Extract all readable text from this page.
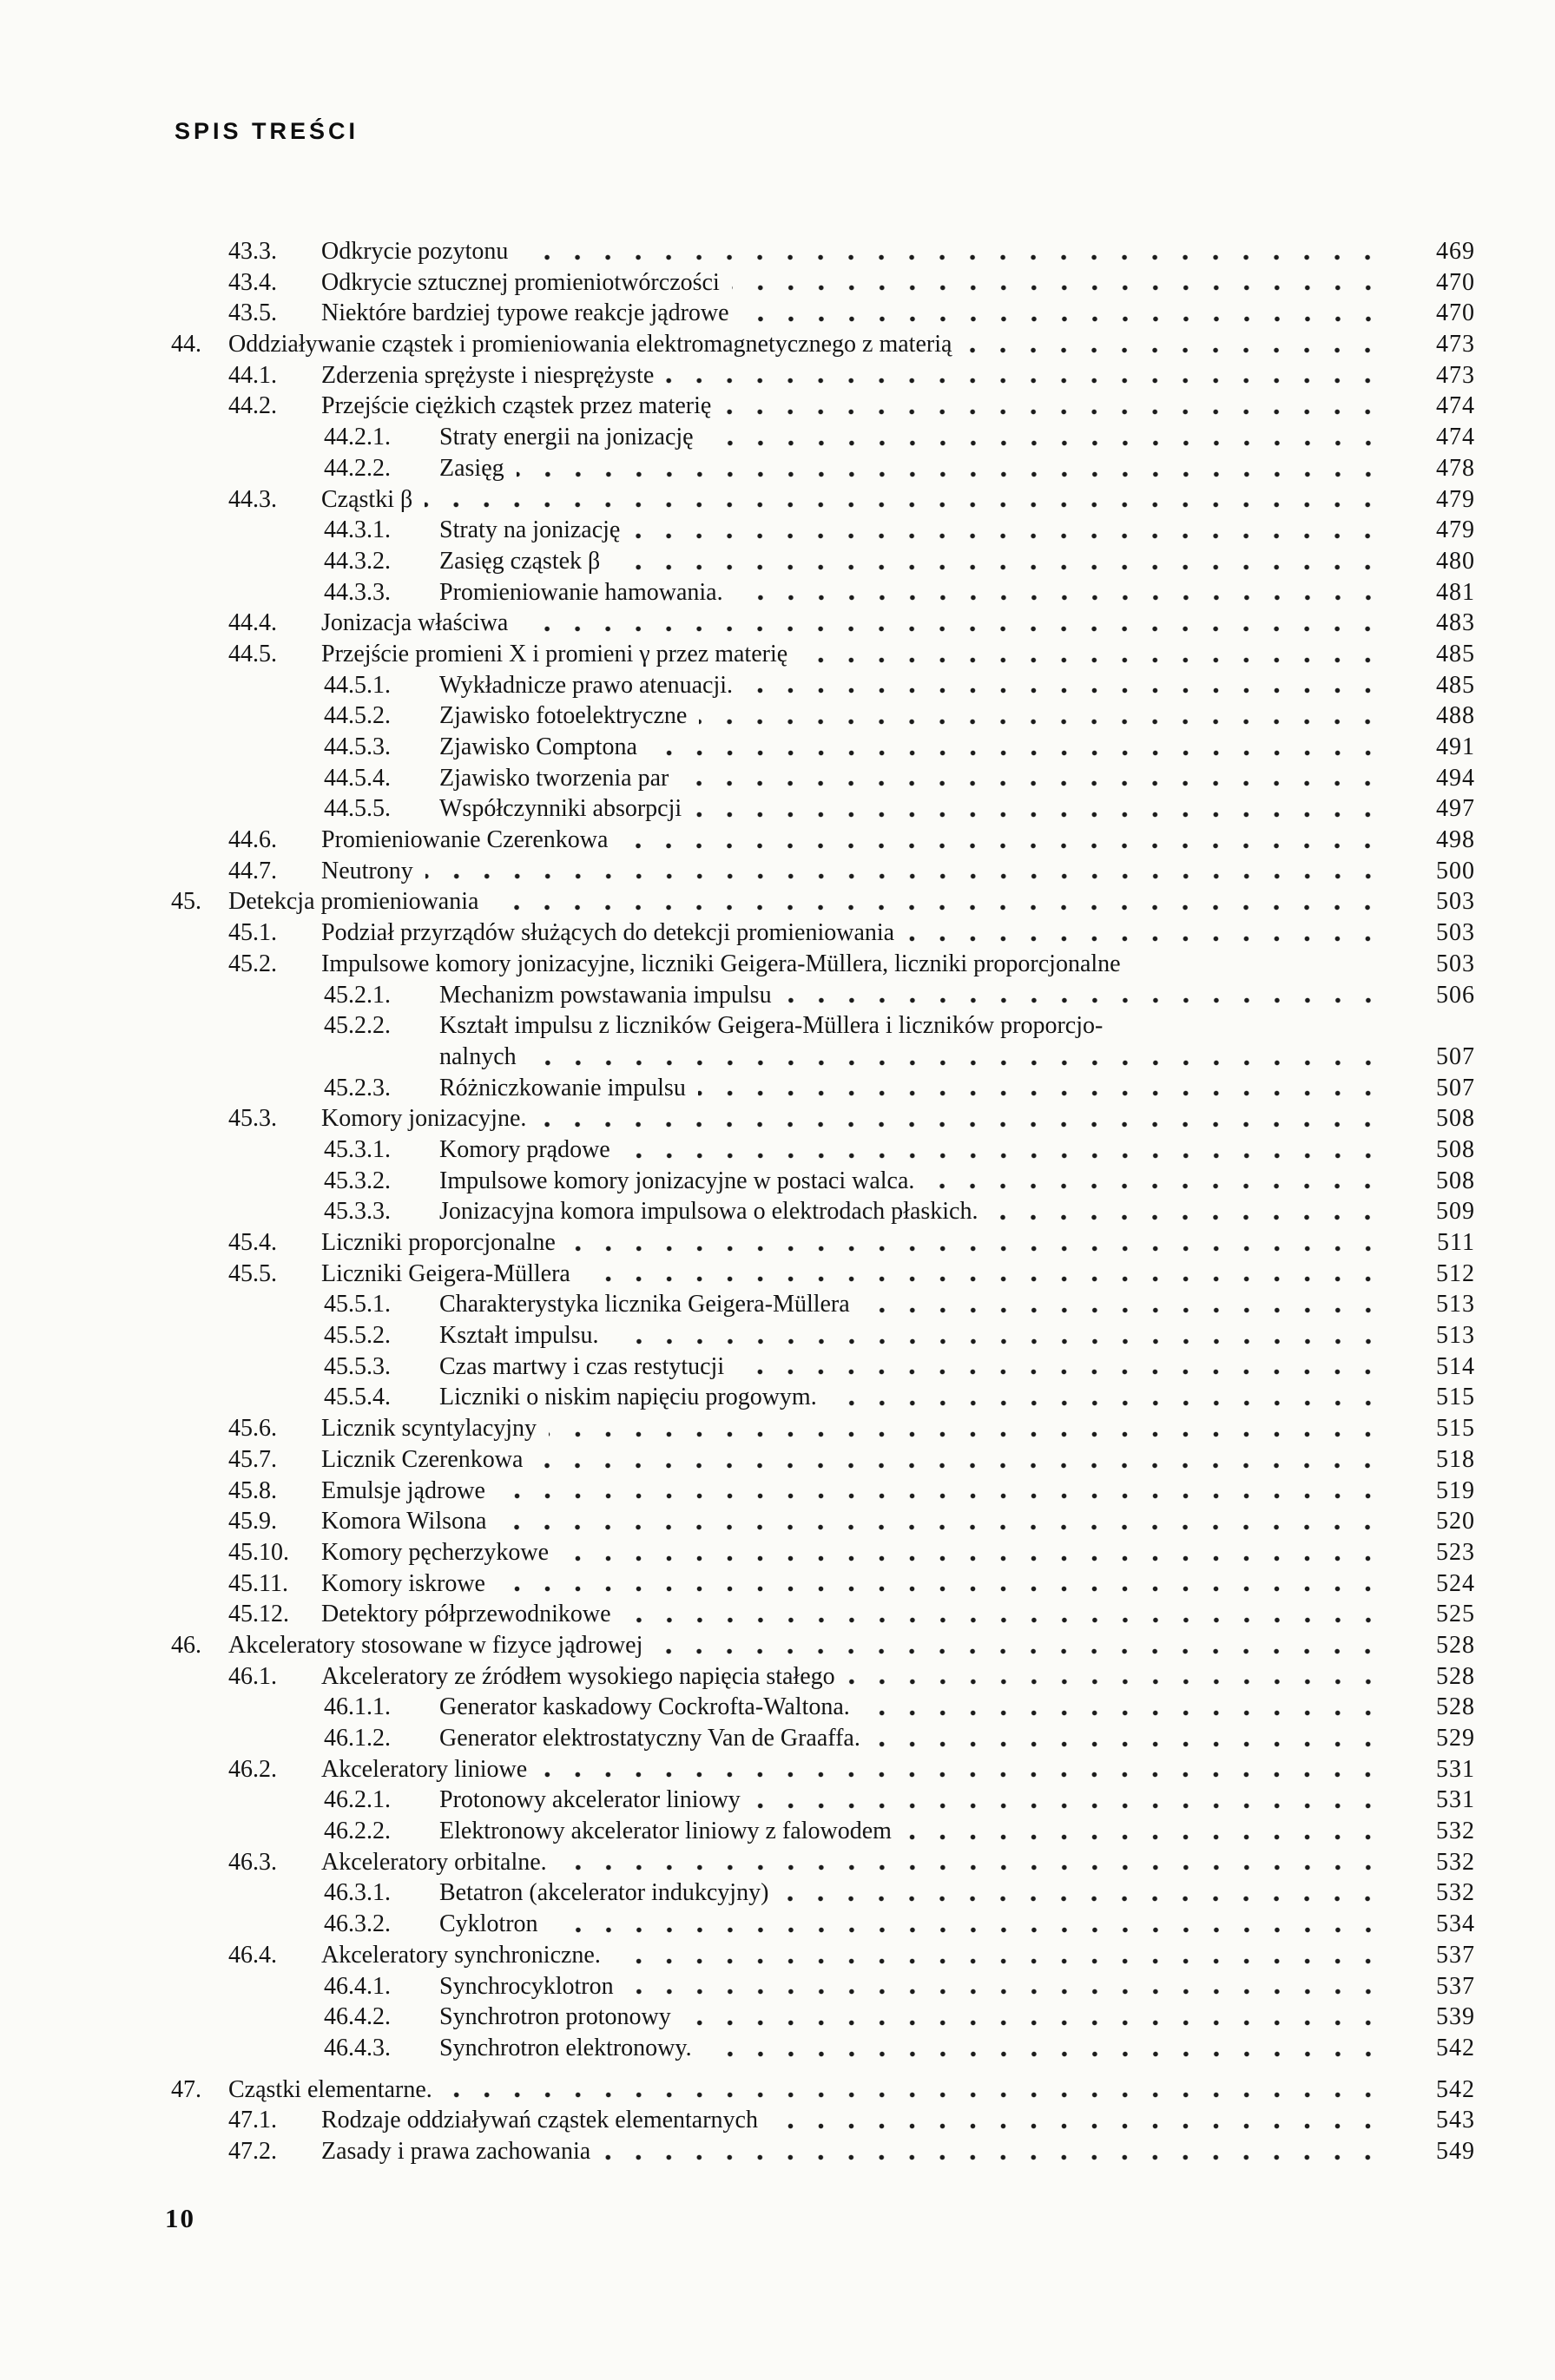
SPIS TREŚCI
43.3.	Odkrycie pozytonu	469
43.4.	Odkrycie sztucznej promieniotwórczości	470
43.5.	Niektóre bardziej typowe reakcje jądrowe	470
44.	Oddziaływanie cząstek i promieniowania elektromagnetycznego z materią	473
44.1.	Zderzenia sprężyste i niesprężyste	473
44.2.	Przejście ciężkich cząstek przez materię	474
44.2.1.	Straty energii na jonizację	474
44.2.2.	Zasięg	478
44.3.	Cząstki β	479
44.3.1.	Straty na jonizację	479
44.3.2.	Zasięg cząstek β	480
44.3.3.	Promieniowanie hamowania.	481
44.4.	Jonizacja właściwa	483
44.5.	Przejście promieni X i promieni γ przez materię	485
44.5.1.	Wykładnicze prawo atenuacji.	485
44.5.2.	Zjawisko fotoelektryczne	488
44.5.3.	Zjawisko Comptona	491
44.5.4.	Zjawisko tworzenia par	494
44.5.5.	Współczynniki absorpcji	497
44.6.	Promieniowanie Czerenkowa	498
44.7.	Neutrony	500
45.	Detekcja promieniowania	503
45.1.	Podział przyrządów służących do detekcji promieniowania	503
45.2.	Impulsowe komory jonizacyjne, liczniki Geigera-Müllera, liczniki proporcjonalne	503
45.2.1.	Mechanizm powstawania impulsu	506
45.2.2.	Kształt impulsu z liczników Geigera-Müllera i liczników proporcjo-
nalnych	507
45.2.3.	Różniczkowanie impulsu	507
45.3.	Komory jonizacyjne.	508
45.3.1.	Komory prądowe	508
45.3.2.	Impulsowe komory jonizacyjne w postaci walca.	508
45.3.3.	Jonizacyjna komora impulsowa o elektrodach płaskich.	509
45.4.	Liczniki proporcjonalne	511
45.5.	Liczniki Geigera-Müllera	512
45.5.1.	Charakterystyka licznika Geigera-Müllera	513
45.5.2.	Kształt impulsu.	513
45.5.3.	Czas martwy i czas restytucji	514
45.5.4.	Liczniki o niskim napięciu progowym.	515
45.6.	Licznik scyntylacyjny	515
45.7.	Licznik Czerenkowa	518
45.8.	Emulsje jądrowe	519
45.9.	Komora Wilsona	520
45.10.	Komory pęcherzykowe	523
45.11.	Komory iskrowe	524
45.12.	Detektory półprzewodnikowe	525
46.	Akceleratory stosowane w fizyce jądrowej	528
46.1.	Akceleratory ze źródłem wysokiego napięcia stałego	528
46.1.1.	Generator kaskadowy Cockrofta-Waltona.	528
46.1.2.	Generator elektrostatyczny Van de Graaffa.	529
46.2.	Akceleratory liniowe	531
46.2.1.	Protonowy akcelerator liniowy	531
46.2.2.	Elektronowy akcelerator liniowy z falowodem	532
46.3.	Akceleratory orbitalne.	532
46.3.1.	Betatron (akcelerator indukcyjny)	532
46.3.2.	Cyklotron	534
46.4.	Akceleratory synchroniczne.	537
46.4.1.	Synchrocyklotron	537
46.4.2.	Synchrotron protonowy	539
46.4.3.	Synchrotron elektronowy.	542
47.	Cząstki elementarne.	542
47.1.	Rodzaje oddziaływań cząstek elementarnych	543
47.2.	Zasady i prawa zachowania	549
10
